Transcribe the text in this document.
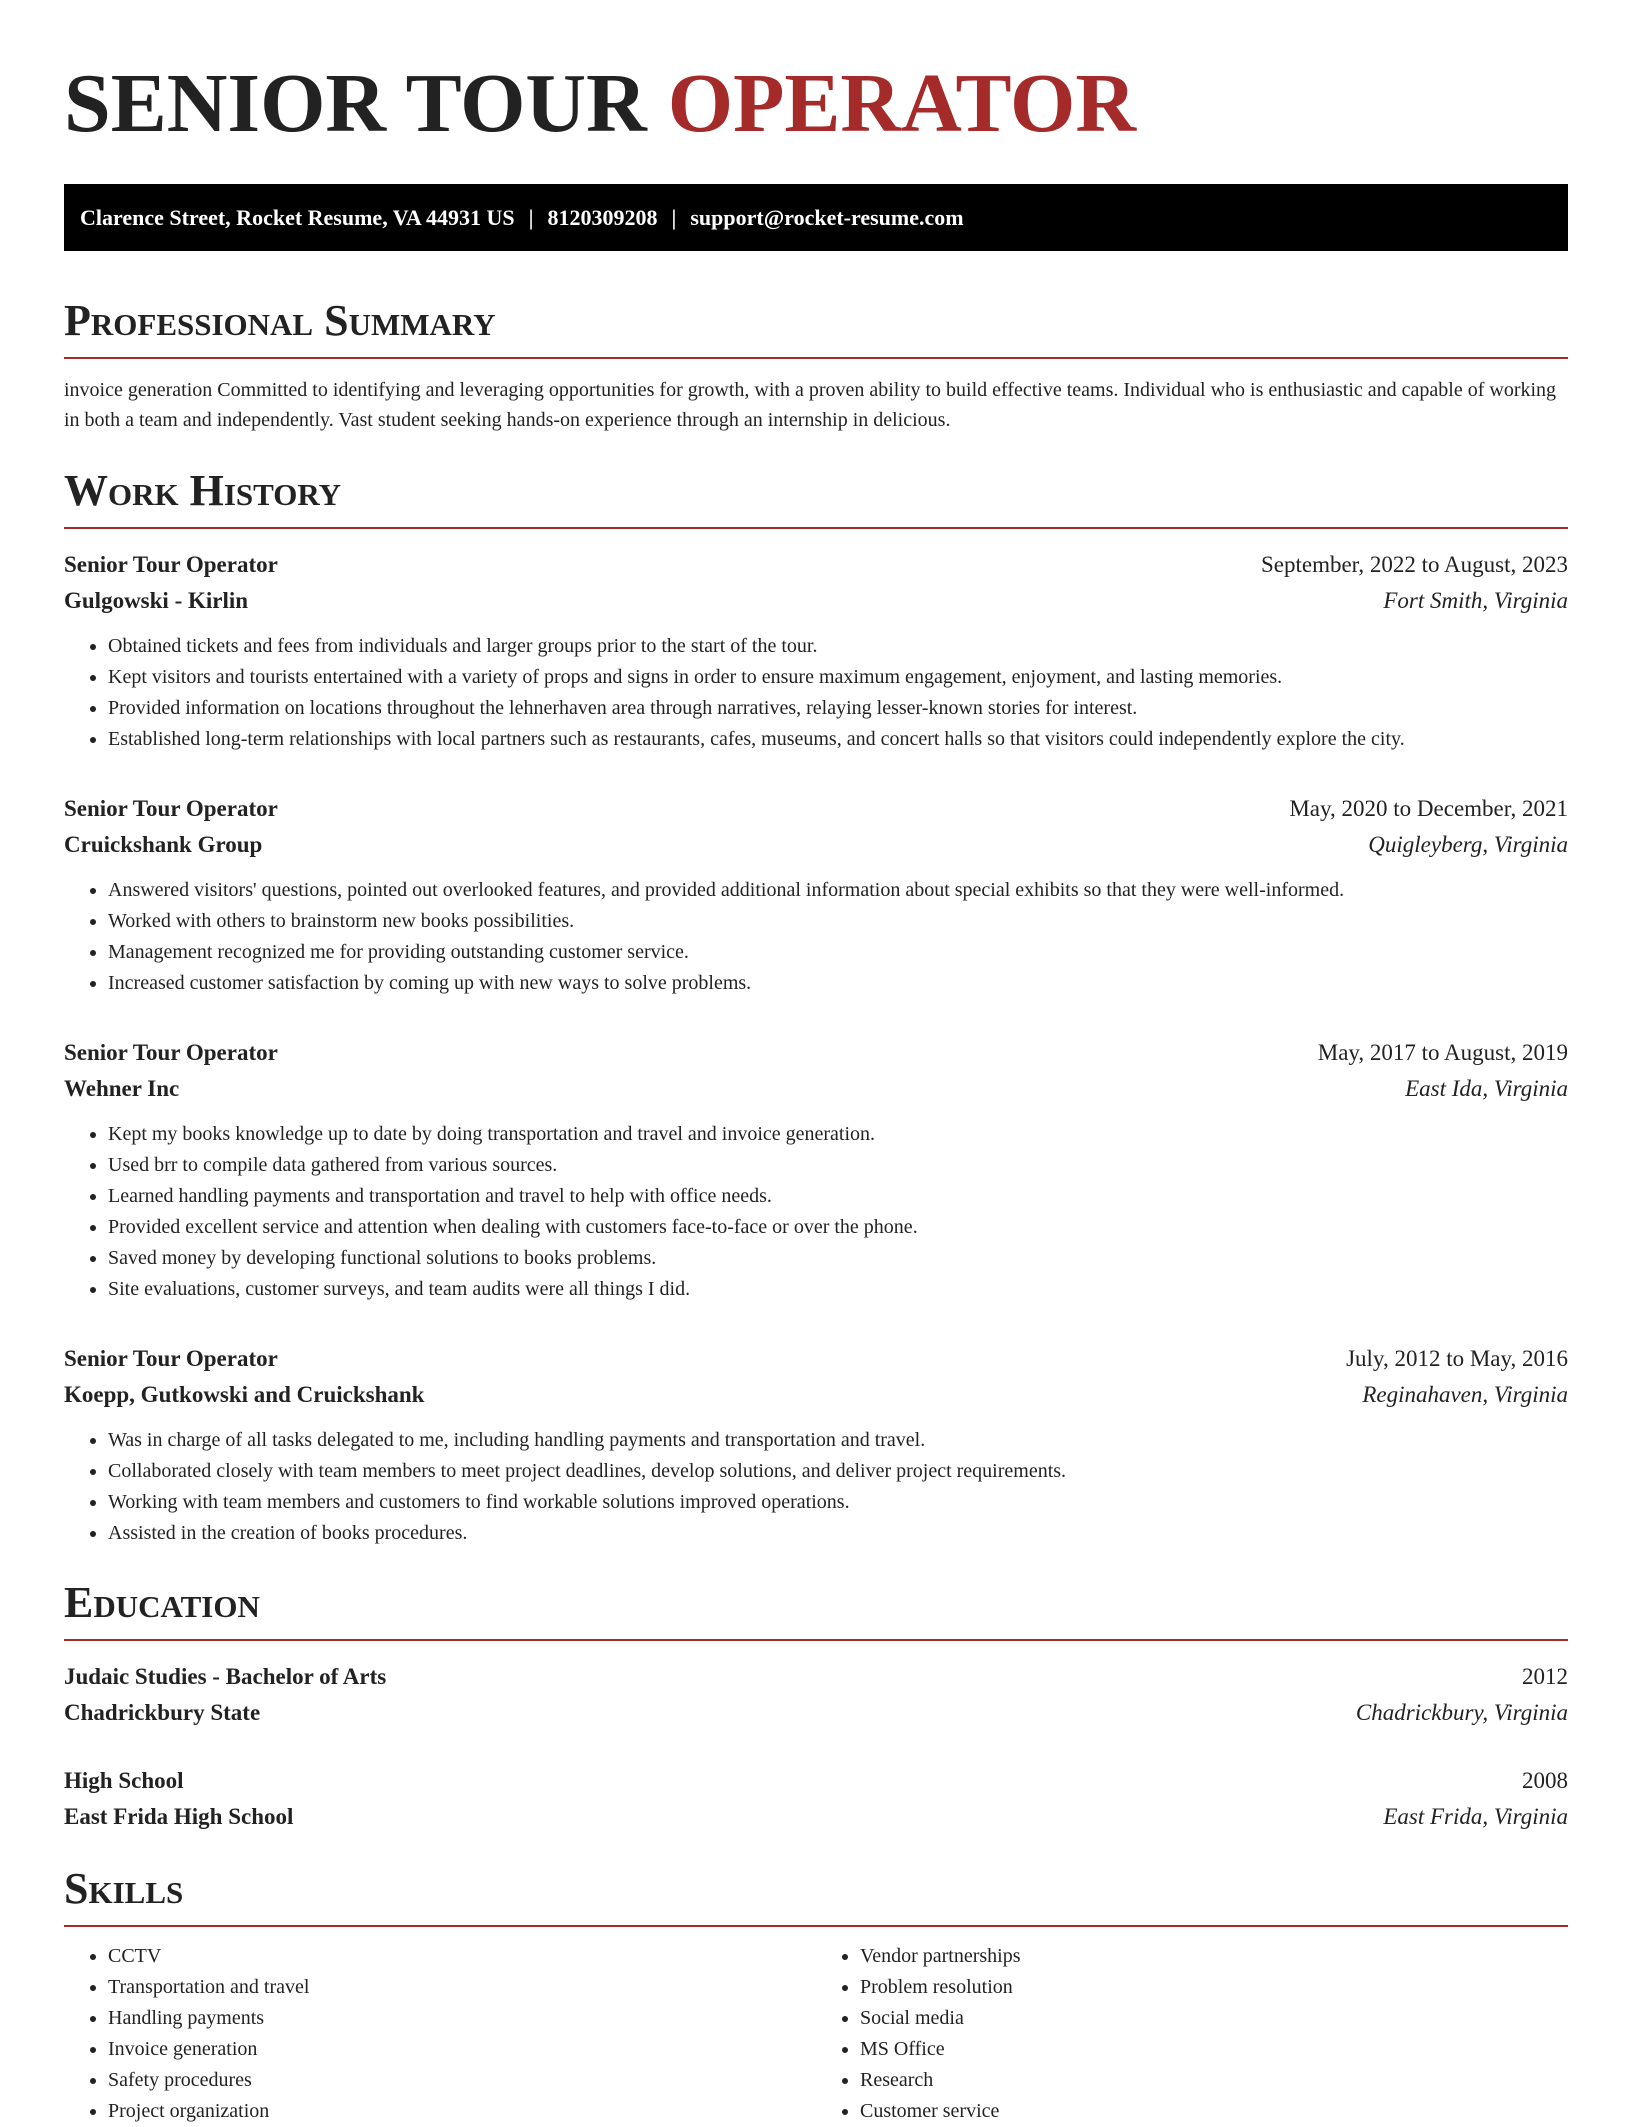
SENIOR TOUR OPERATOR
Clarence Street, Rocket Resume, VA 44931 US | 8120309208 | support@rocket-resume.com
Professional Summary

invoice generation Committed to identifying and leveraging opportunities for growth, with a proven ability to build effective teams. Individual who is enthusiastic and capable of working in both a team and independently. Vast student seeking hands-on experience through an internship in delicious.

Work History
Senior Tour Operator	September, 2022 to August, 2023
Gulgowski - Kirlin	Fort Smith, Virginia
• Obtained tickets and fees from individuals and larger groups prior to the start of the tour.
• Kept visitors and tourists entertained with a variety of props and signs in order to ensure maximum engagement, enjoyment, and lasting memories.
• Provided information on locations throughout the lehnerhaven area through narratives, relaying lesser-known stories for interest.
• Established long-term relationships with local partners such as restaurants, cafes, museums, and concert halls so that visitors could independently explore the city.
Senior Tour Operator	May, 2020 to December, 2021
Cruickshank Group	Quigleyberg, Virginia
• Answered visitors' questions, pointed out overlooked features, and provided additional information about special exhibits so that they were well-informed.
• Worked with others to brainstorm new books possibilities.
• Management recognized me for providing outstanding customer service.
• Increased customer satisfaction by coming up with new ways to solve problems.
Senior Tour Operator	May, 2017 to August, 2019
Wehner Inc	East Ida, Virginia
• Kept my books knowledge up to date by doing transportation and travel and invoice generation.
• Used brr to compile data gathered from various sources.
• Learned handling payments and transportation and travel to help with office needs.
• Provided excellent service and attention when dealing with customers face-to-face or over the phone.
• Saved money by developing functional solutions to books problems.
• Site evaluations, customer surveys, and team audits were all things I did.
Senior Tour Operator	July, 2012 to May, 2016
Koepp, Gutkowski and Cruickshank	Reginahaven, Virginia
• Was in charge of all tasks delegated to me, including handling payments and transportation and travel.
• Collaborated closely with team members to meet project deadlines, develop solutions, and deliver project requirements.
• Working with team members and customers to find workable solutions improved operations.
• Assisted in the creation of books procedures.
Education
Judaic Studies - Bachelor of Arts	2012
Chadrickbury State	Chadrickbury, Virginia
High School	2008
East Frida High School	East Frida, Virginia
Skills
• CCTV
• Transportation and travel
• Handling payments
• Invoice generation
• Safety procedures
• Project organization
• Vendor partnerships
• Problem resolution
• Social media
• MS Office
• Research
• Customer service
